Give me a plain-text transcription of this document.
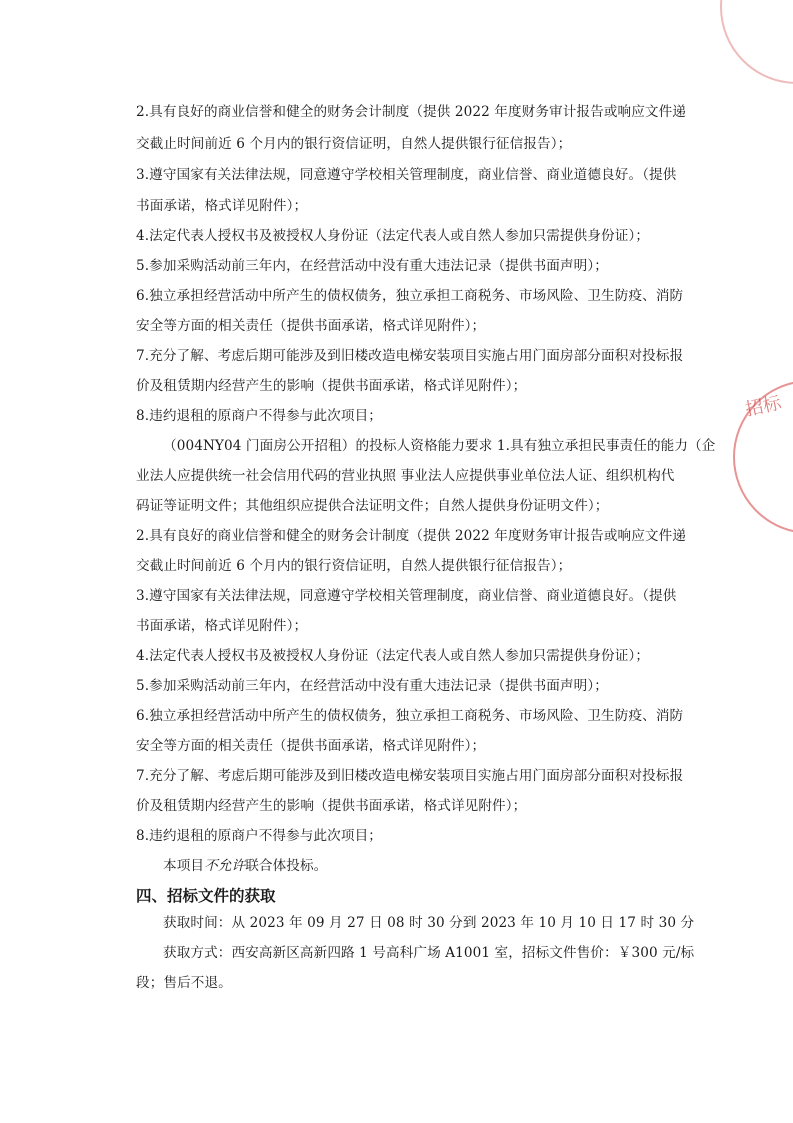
招标
2.具有良好的商业信誉和健全的财务会计制度（提供 2022 年度财务审计报告或响应文件递
交截止时间前近 6 个月内的银行资信证明，自然人提供银行征信报告）；
3.遵守国家有关法律法规，同意遵守学校相关管理制度，商业信誉、商业道德良好。（提供
书面承诺，格式详见附件）；
4.法定代表人授权书及被授权人身份证（法定代表人或自然人参加只需提供身份证）；
5.参加采购活动前三年内，在经营活动中没有重大违法记录（提供书面声明）；
6.独立承担经营活动中所产生的债权债务，独立承担工商税务、市场风险、卫生防疫、消防
安全等方面的相关责任（提供书面承诺，格式详见附件）；
7.充分了解、考虑后期可能涉及到旧楼改造电梯安装项目实施占用门面房部分面积对投标报
价及租赁期内经营产生的影响（提供书面承诺，格式详见附件）；
8.违约退租的原商户不得参与此次项目；
（004NY04 门面房公开招租）的投标人资格能力要求 1.具有独立承担民事责任的能力（企
业法人应提供统一社会信用代码的营业执照 事业法人应提供事业单位法人证、组织机构代
码证等证明文件；其他组织应提供合法证明文件；自然人提供身份证明文件）；
2.具有良好的商业信誉和健全的财务会计制度（提供 2022 年度财务审计报告或响应文件递
交截止时间前近 6 个月内的银行资信证明，自然人提供银行征信报告）；
3.遵守国家有关法律法规，同意遵守学校相关管理制度，商业信誉、商业道德良好。（提供
书面承诺，格式详见附件）；
4.法定代表人授权书及被授权人身份证（法定代表人或自然人参加只需提供身份证）；
5.参加采购活动前三年内，在经营活动中没有重大违法记录（提供书面声明）；
6.独立承担经营活动中所产生的债权债务，独立承担工商税务、市场风险、卫生防疫、消防
安全等方面的相关责任（提供书面承诺，格式详见附件）；
7.充分了解、考虑后期可能涉及到旧楼改造电梯安装项目实施占用门面房部分面积对投标报
价及租赁期内经营产生的影响（提供书面承诺，格式详见附件）；
8.违约退租的原商户不得参与此次项目；
本项目不允许联合体投标。
四、招标文件的获取
获取时间：从 2023 年 09 月 27 日 08 时 30 分到 2023 年 10 月 10 日 17 时 30 分
获取方式：西安高新区高新四路 1 号高科广场 A1001 室，招标文件售价：￥300 元/标
段；售后不退。
